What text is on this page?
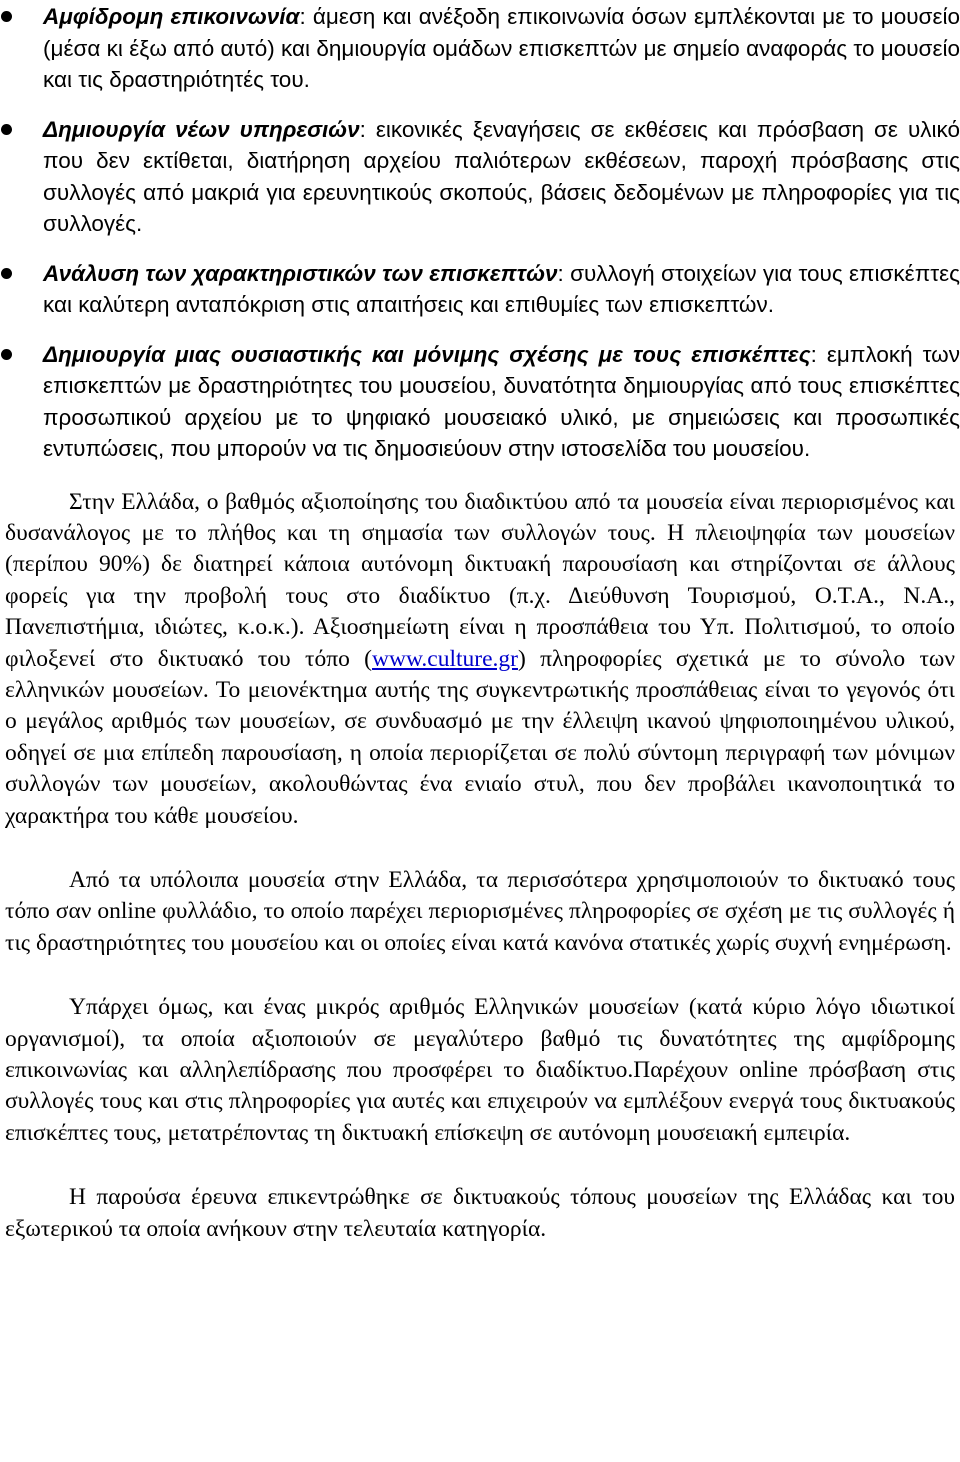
Αμφίδρομη επικοινωνία: άμεση και ανέξοδη επικοινωνία όσων εμπλέκονται με το μουσείο (μέσα κι έξω από αυτό) και δημιουργία ομάδων επισκεπτών με σημείο αναφοράς το μουσείο και τις δραστηριότητές του.
Δημιουργία νέων υπηρεσιών: εικονικές ξεναγήσεις σε εκθέσεις και πρόσβαση σε υλικό που δεν εκτίθεται, διατήρηση αρχείου παλιότερων εκθέσεων, παροχή πρόσβασης στις συλλογές από μακριά για ερευνητικούς σκοπούς, βάσεις δεδομένων με πληροφορίες για τις συλλογές.
Ανάλυση των χαρακτηριστικών των επισκεπτών: συλλογή στοιχείων για τους επισκέπτες και καλύτερη ανταπόκριση στις απαιτήσεις και επιθυμίες των επισκεπτών.
Δημιουργία μιας ουσιαστικής και μόνιμης σχέσης με τους επισκέπτες: εμπλοκή των επισκεπτών με δραστηριότητες του μουσείου, δυνατότητα δημιουργίας από τους επισκέπτες προσωπικού αρχείου με το ψηφιακό μουσειακό υλικό, με σημειώσεις και προσωπικές εντυπώσεις, που μπορούν να τις δημοσιεύουν στην ιστοσελίδα του μουσείου.

Στην Ελλάδα, ο βαθμός αξιοποίησης του διαδικτύου από τα μουσεία είναι περιορισμένος και δυσανάλογος με το πλήθος και τη σημασία των συλλογών τους. Η πλειοψηφία των μουσείων (περίπου 90%) δε διατηρεί κάποια αυτόνομη δικτυακή παρουσίαση και στηρίζονται σε άλλους φορείς για την προβολή τους στο διαδίκτυο (π.χ. Διεύθυνση Τουρισμού, Ο.Τ.Α., Ν.Α., Πανεπιστήμια, ιδιώτες, κ.ο.κ.). Αξιοσημείωτη είναι η προσπάθεια του Υπ. Πολιτισμού, το οποίο φιλοξενεί στο δικτυακό του τόπο (www.culture.gr) πληροφορίες σχετικά με το σύνολο των ελληνικών μουσείων. Το μειονέκτημα αυτής της συγκεντρωτικής προσπάθειας είναι το γεγονός ότι ο μεγάλος αριθμός των μουσείων, σε συνδυασμό με την έλλειψη ικανού ψηφιοποιημένου υλικού, οδηγεί σε μια επίπεδη παρουσίαση, η οποία περιορίζεται σε πολύ σύντομη περιγραφή των μόνιμων συλλογών των μουσείων, ακολουθώντας ένα ενιαίο στυλ, που δεν προβάλει ικανοποιητικά το χαρακτήρα του κάθε μουσείου.

Από τα υπόλοιπα μουσεία στην Ελλάδα, τα περισσότερα χρησιμοποιούν το δικτυακό τους τόπο σαν online φυλλάδιο, το οποίο παρέχει περιορισμένες πληροφορίες σε σχέση με τις συλλογές ή τις δραστηριότητες του μουσείου και οι οποίες είναι κατά κανόνα στατικές χωρίς συχνή ενημέρωση.

Υπάρχει όμως, και ένας μικρός αριθμός Ελληνικών μουσείων (κατά κύριο λόγο ιδιωτικοί οργανισμοί), τα οποία αξιοποιούν σε μεγαλύτερο βαθμό τις δυνατότητες της αμφίδρομης επικοινωνίας και αλληλεπίδρασης που προσφέρει το διαδίκτυο.Παρέχουν online πρόσβαση στις συλλογές τους και στις πληροφορίες για αυτές και επιχειρούν να εμπλέξουν ενεργά τους δικτυακούς επισκέπτες τους, μετατρέποντας τη δικτυακή επίσκεψη σε αυτόνομη μουσειακή εμπειρία.

Η παρούσα έρευνα επικεντρώθηκε σε δικτυακούς τόπους μουσείων της Ελλάδας και του εξωτερικού τα οποία ανήκουν στην τελευταία κατηγορία.
